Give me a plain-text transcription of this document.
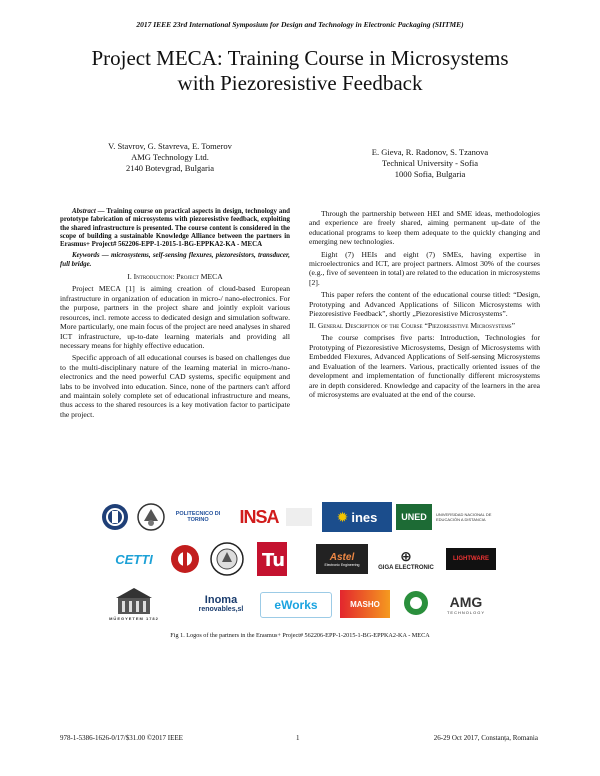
2017 IEEE 23rd International Symposium for Design and Technology in Electronic Packaging (SIITME)
Project MECA: Training Course in Microsystems
with Piezoresistive Feedback
V. Stavrov, G. Stavreva, E. Tomerov
AMG Technology Ltd.
2140 Botevgrad, Bulgaria
E. Gieva, R. Radonov, S. Tzanova
Technical University - Sofia
1000 Sofia, Bulgaria

Abstract — Training course on practical aspects in design, technology and prototype fabrication of microsystems with piezoresistive feedback, exploiting the shared infrastructure is presented. The course content is considered in the scope of building a sustainable Knowledge Alliance between the partners in Erasmus+ Project# 562206-EPP-1-2015-1-BG-EPPKA2-KA - MECA

Keywords — microsystems, self-sensing flexures, piezoresistors, transducer, full bridge.

I. Introduction: Project MECA

Project MECA [1] is aiming creation of cloud-based European infrastructure in organization of education in micro-/ nano-electronics. For the purpose, partners in the project share and jointly exploit various resources, incl. remote access to dedicated design and simulation software. More particularly, one main focus of the project are need analyses in shared ICT infrastructure, up-to-date learning materials and providing all necessary means for highly effective education.

Specific approach of all educational courses is based on challenges due to the multi-disciplinary nature of the learning material in micro-/nano-electronics and the need powerful CAD systems, specific equipment and labs to be involved into education. Since, none of the partners can't afford and maintain solely complete set of educational infrastructure and means, thus access to the shared resources is a key motivation factor to participate the project.

Through the partnership between HEI and SME ideas, methodologies and experience are freely shared, aiming permanent up-date of the educational programs to keep them adequate to the quickly changing and emerging new technologies.

Eight (7) HEIs and eight (7) SMEs, having expertise in microelectronics and ICT, are project partners. Almost 30% of the courses (e.g., five of seventeen in total) are related to the education in microsystems [2].

This paper refers the content of the educational course titled: “Design, Prototyping and Advanced Applications of Silicon Microsystems with Piezoresistive Feedback”, shortly „Piezoresistive Microsystems”.

II. General Description of the Course “Piezoresistive Microsystems”

The course comprises five parts: Introduction, Technologies for Prototyping of Piezoresistive Microsystems, Design of Microsystems with Embedded Flexures, Advanced Applications of Self-sensing Microsystems and Evaluation of the learners. Various, practically oriented issues of the development and implementation of functionally different microsystems are in depth considered. Knowledge and capacity of the learners in the area of microsystems are evaluated at the end of the course.

POLITECNICO DI TORINO	INSA	✹ ines	UNED UNIVERSIDAD NACIONAL DE EDUCACIÓN A DISTANCIA
CETTI	Tu	Astel
Electronic Engineering
⊕
GIGA ELECTRONIC
LIGHTWARE
MŰEGYETEM 1782
Inoma
renovables,sl	eWorks	MASHO	AMG
TECHNOLOGY
Fig 1. Logos of the partners in the Erasmus+ Project# 562206-EPP-1-2015-1-BG-EPPKA2-KA - MECA
978-1-5386-1626-0/17/$31.00 ©2017 IEEE	1	26-29 Oct 2017, Constanța, Romania
